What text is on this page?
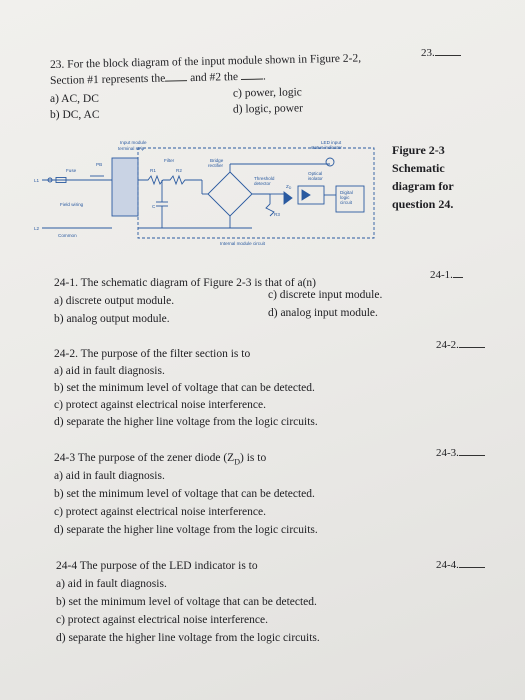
23.
23. For the block diagram of the input module shown in Figure 2-2,
Section #1 represents the and #2 the .
a) AC, DC
b) DC, AC
c) power, logic
d) logic, power
Input module
terminal strip
Filter	Bridge
rectifier
LED input
status indicator
Fuse
PB
R1	R2
Threshold
detector
Optical
isolator
L1
L2
Field wiring	C
$Z_D$
R3
Digital
logic
circuit
Common
Internal module circuit
Figure 2-3
Schematic
diagram for
question 24.
24-1.
24-1. The schematic diagram of Figure 2-3 is that of a(n)
a) discrete output module.
b) analog output module.
c) discrete input module.
d) analog input module.
24-2.
24-2. The purpose of the filter section is to
a) aid in fault diagnosis.
b) set the minimum level of voltage that can be detected.
c) protect against electrical noise interference.
d) separate the higher line voltage from the logic circuits.
24-3.
24-3 The purpose of the zener diode $(Z_D)$ is to
a) aid in fault diagnosis.
b) set the minimum level of voltage that can be detected.
c) protect against electrical noise interference.
d) separate the higher line voltage from the logic circuits.
24-4.
24-4 The purpose of the LED indicator is to
a) aid in fault diagnosis.
b) set the minimum level of voltage that can be detected.
c) protect against electrical noise interference.
d) separate the higher line voltage from the logic circuits.
